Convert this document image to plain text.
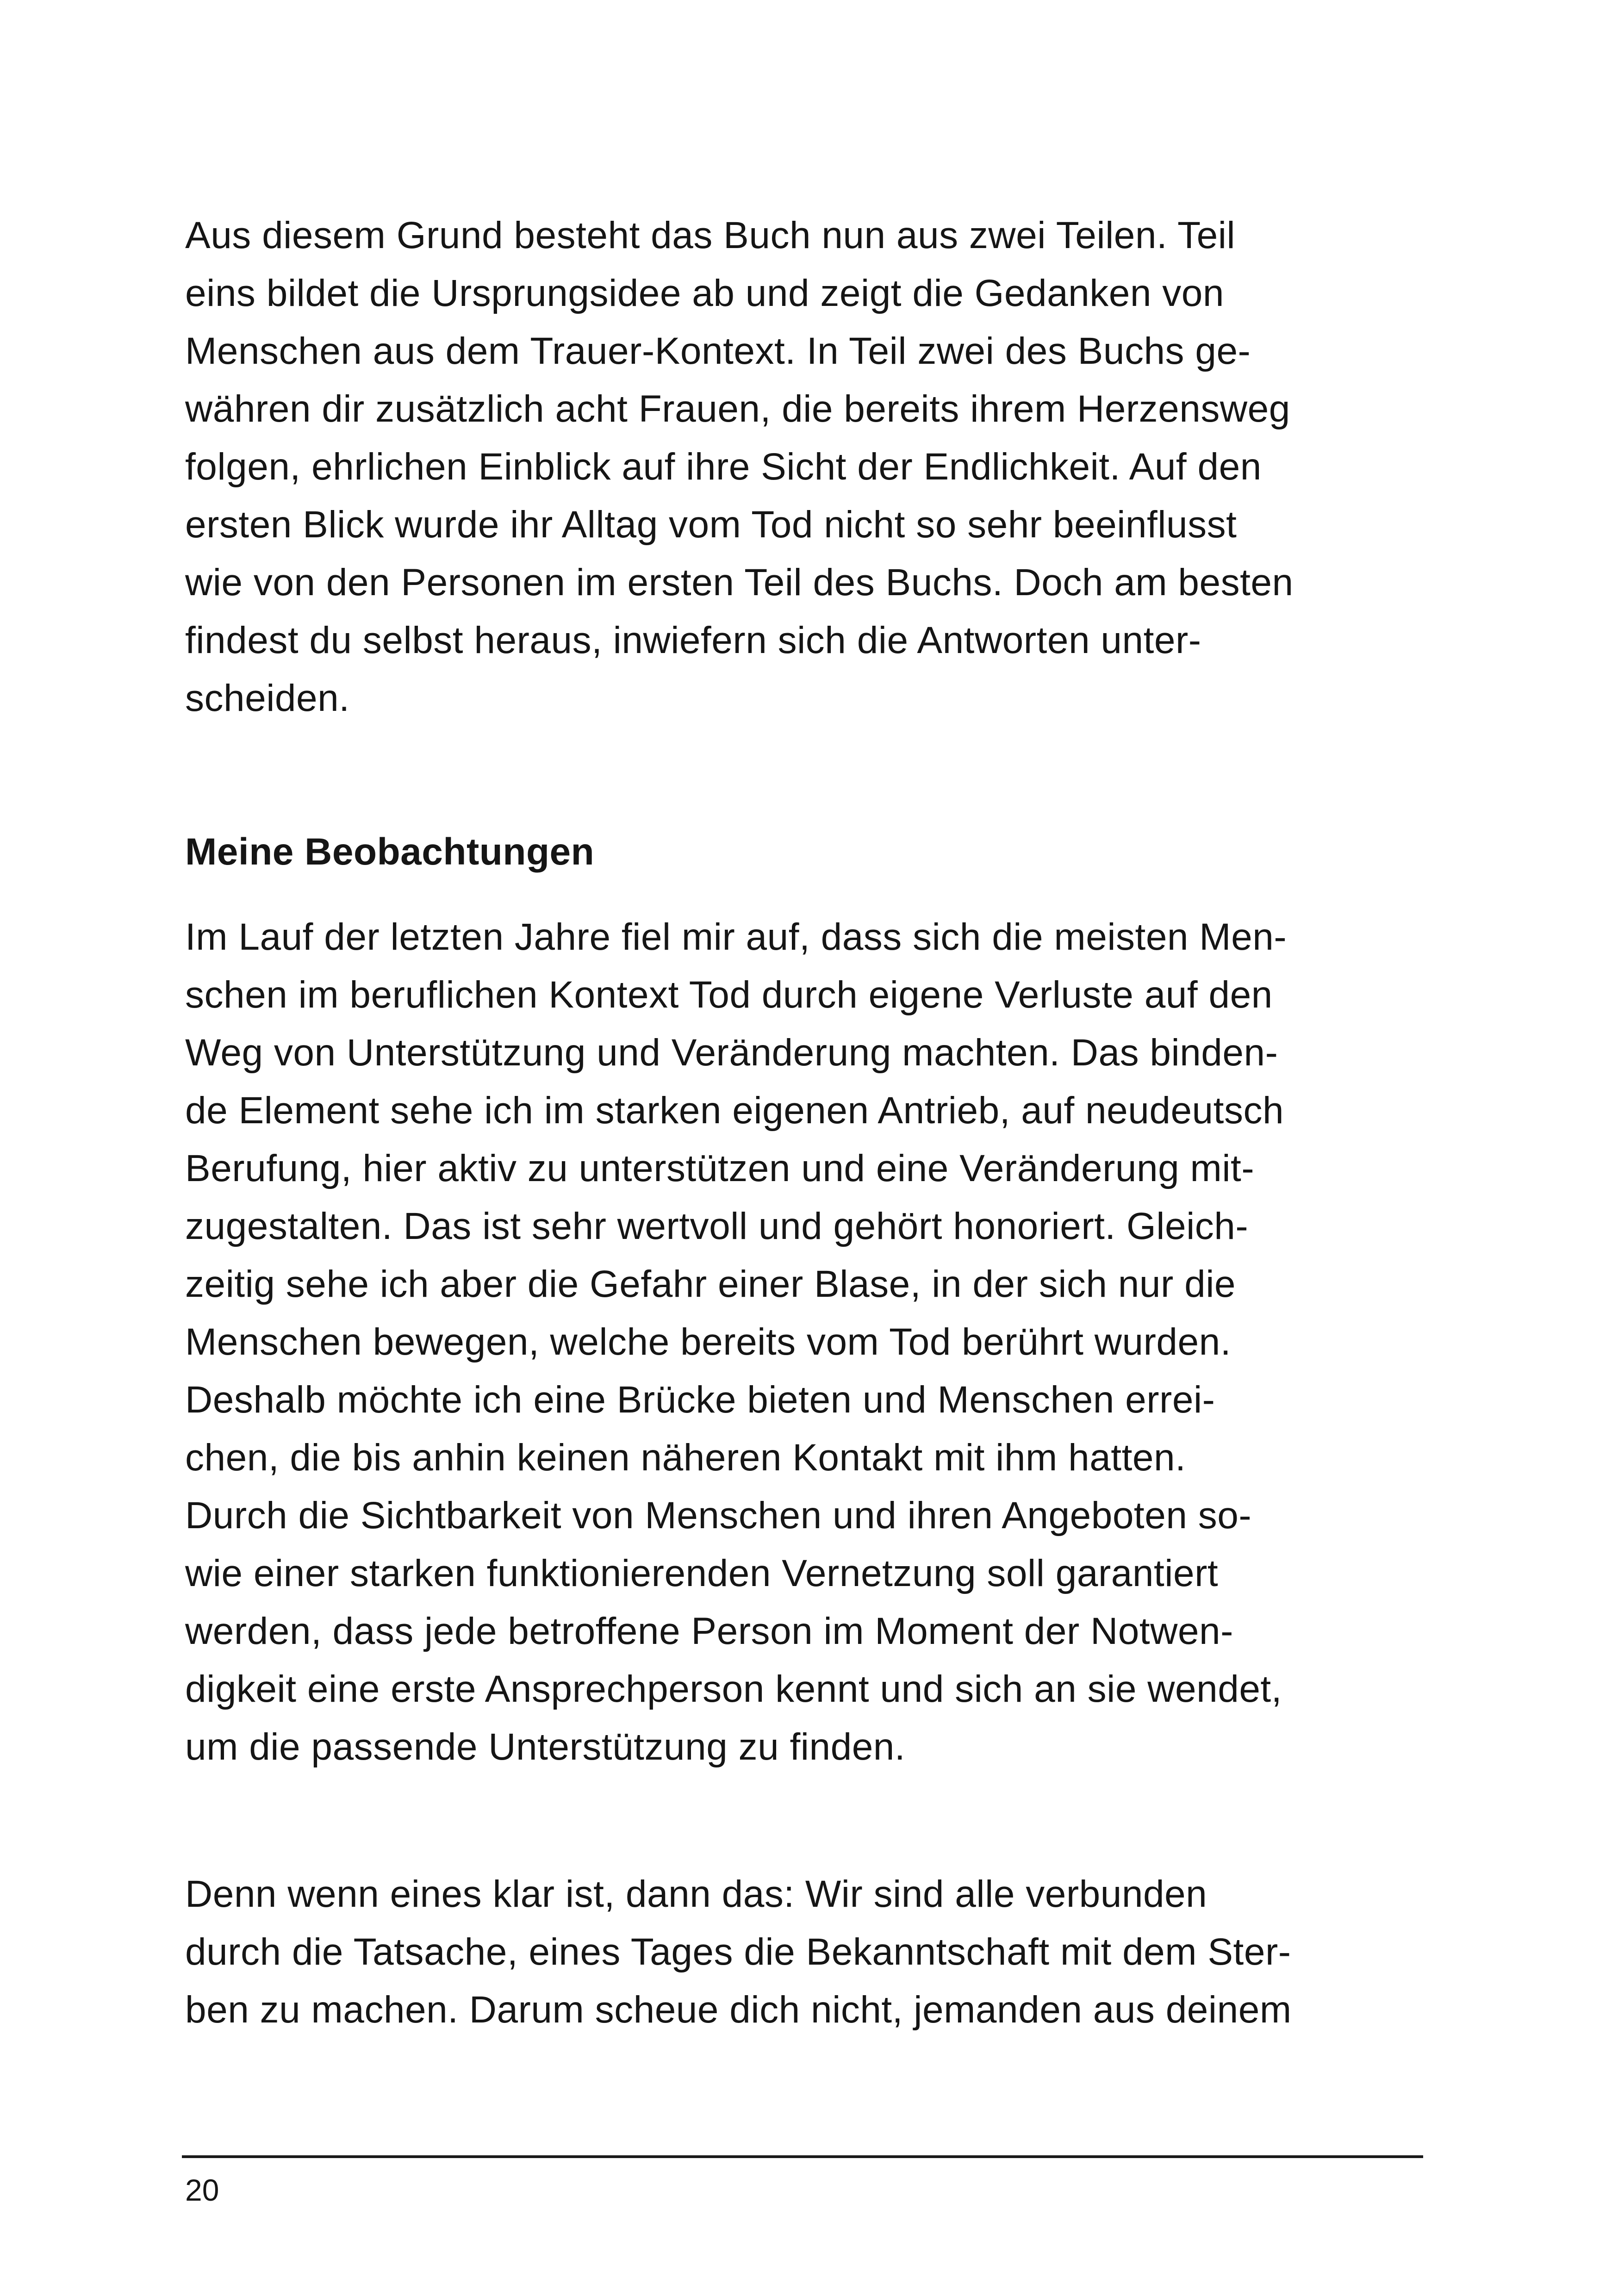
Aus diesem Grund besteht das Buch nun aus zwei Teilen. Teil
eins bildet die Ursprungsidee ab und zeigt die Gedanken von
Menschen aus dem Trauer-Kontext. In Teil zwei des Buchs ge-
währen dir zusätzlich acht Frauen, die bereits ihrem Herzensweg
folgen, ehrlichen Einblick auf ihre Sicht der Endlichkeit. Auf den
ersten Blick wurde ihr Alltag vom Tod nicht so sehr beeinflusst
wie von den Personen im ersten Teil des Buchs. Doch am besten
findest du selbst heraus, inwiefern sich die Antworten unter-
scheiden.
Meine Beobachtungen
Im Lauf der letzten Jahre fiel mir auf, dass sich die meisten Men-
schen im beruflichen Kontext Tod durch eigene Verluste auf den
Weg von Unterstützung und Veränderung machten. Das binden-
de Element sehe ich im starken eigenen Antrieb, auf neudeutsch
Berufung, hier aktiv zu unterstützen und eine Veränderung mit-
zugestalten. Das ist sehr wertvoll und gehört honoriert. Gleich-
zeitig sehe ich aber die Gefahr einer Blase, in der sich nur die
Menschen bewegen, welche bereits vom Tod berührt wurden.
Deshalb möchte ich eine Brücke bieten und Menschen errei-
chen, die bis anhin keinen näheren Kontakt mit ihm hatten.
Durch die Sichtbarkeit von Menschen und ihren Angeboten so-
wie einer starken funktionierenden Vernetzung soll garantiert
werden, dass jede betroffene Person im Moment der Notwen-
digkeit eine erste Ansprechperson kennt und sich an sie wendet,
um die passende Unterstützung zu finden.
Denn wenn eines klar ist, dann das: Wir sind alle verbunden
durch die Tatsache, eines Tages die Bekanntschaft mit dem Ster-
ben zu machen. Darum scheue dich nicht, jemanden aus deinem
20
